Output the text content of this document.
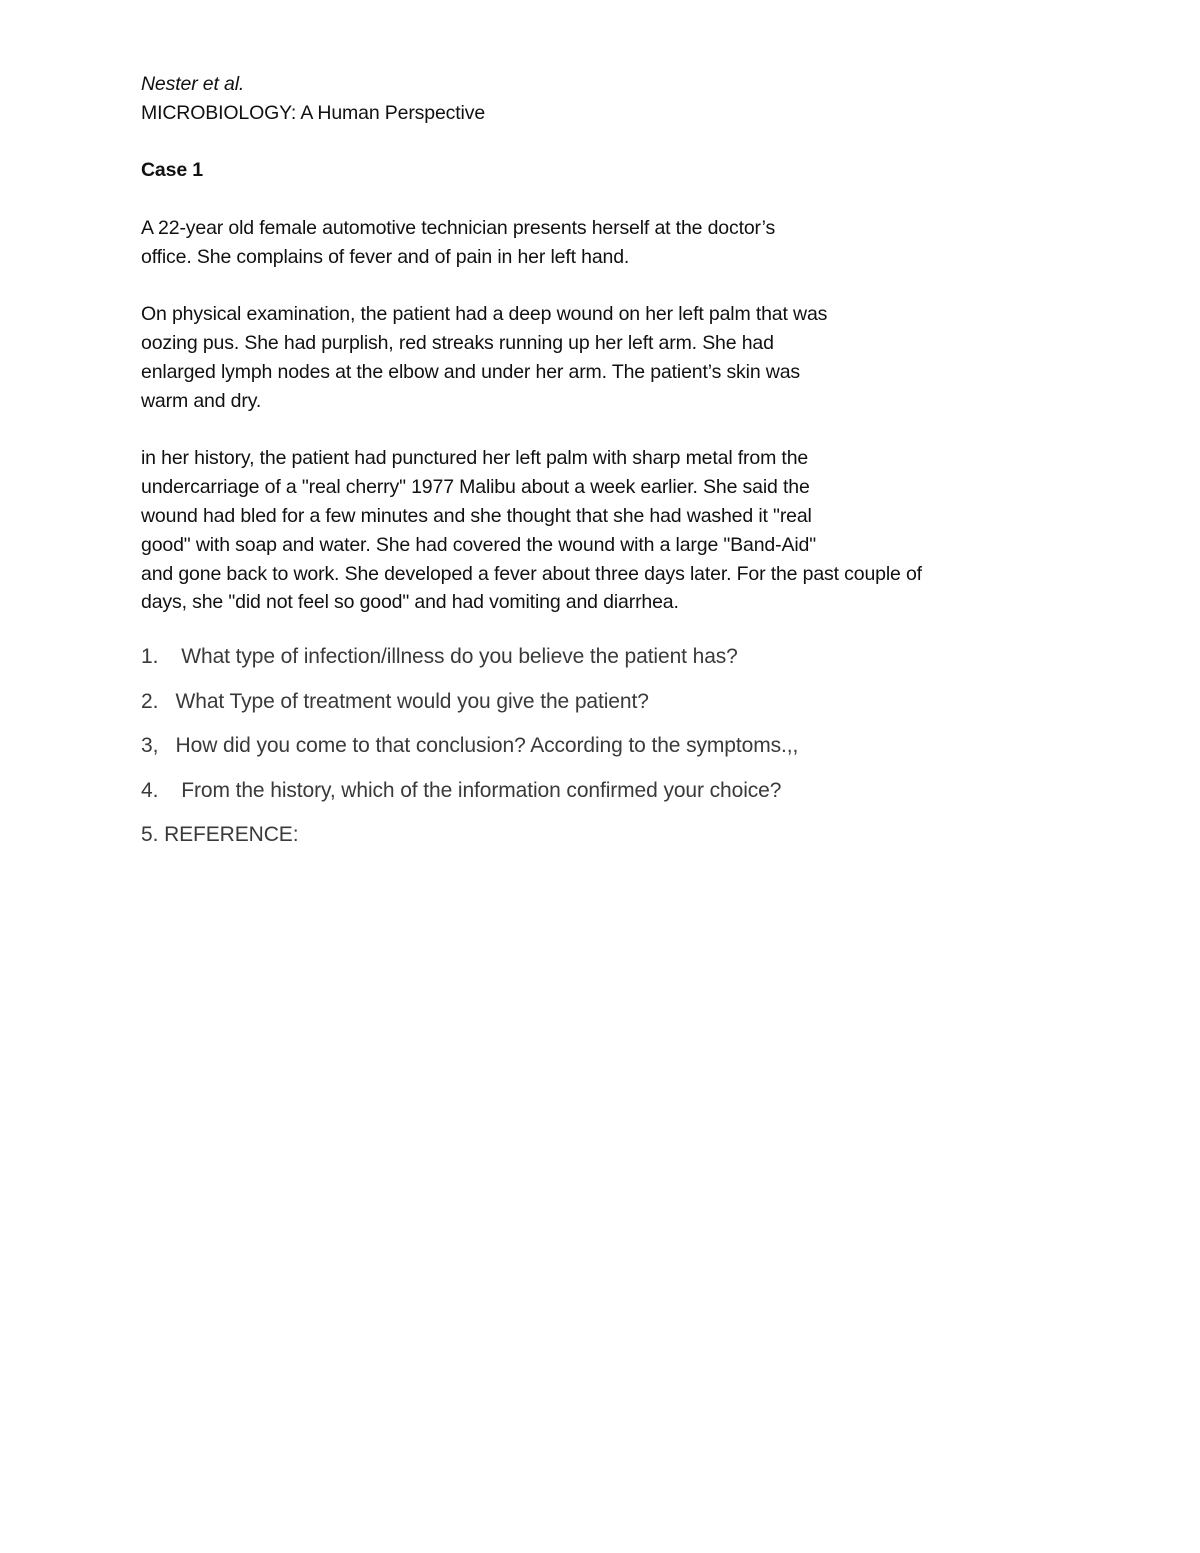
Nester et al.
MICROBIOLOGY: A Human Perspective
Case 1
A 22-year old female automotive technician presents herself at the doctor’s
office. She complains of fever and of pain in her left hand.
On physical examination, the patient had a deep wound on her left palm that was
oozing pus. She had purplish, red streaks running up her left arm. She had
enlarged lymph nodes at the elbow and under her arm. The patient’s skin was
warm and dry.
in her history, the patient had punctured her left palm with sharp metal from the
undercarriage of a "real cherry" 1977 Malibu about a week earlier. She said the
wound had bled for a few minutes and she thought that she had washed it "real
good" with soap and water. She had covered the wound with a large "Band-Aid"
and gone back to work. She developed a fever about three days later. For the past couple of
days, she "did not feel so good" and had vomiting and diarrhea.
1.    What type of infection/illness do you believe the patient has?
2.   What Type of treatment would you give the patient?
3,   How did you come to that conclusion? According to the symptoms.,,
4.    From the history, which of the information confirmed your choice?
5. REFERENCE:
